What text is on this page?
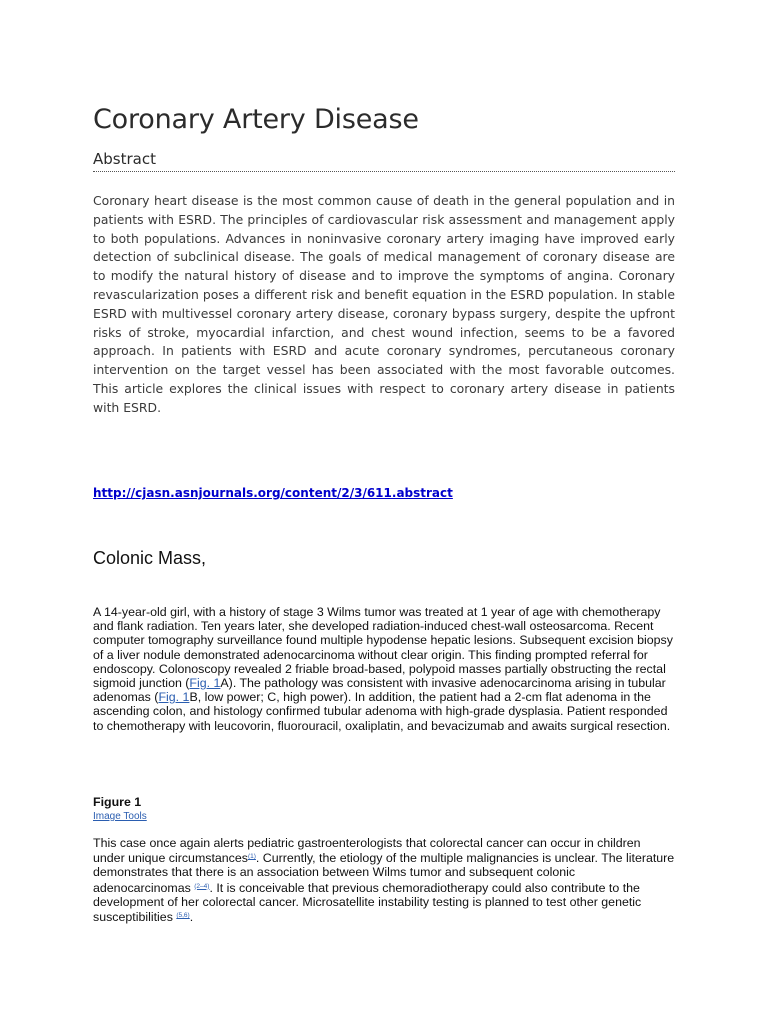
Coronary Artery Disease
Abstract

Coronary heart disease is the most common cause of death in the general population and in patients with ESRD. The principles of cardiovascular risk assessment and management apply to both populations. Advances in noninvasive coronary artery imaging have improved early detection of subclinical disease. The goals of medical management of coronary disease are to modify the natural history of disease and to improve the symptoms of angina. Coronary revascularization poses a different risk and benefit equation in the ESRD population. In stable ESRD with multivessel coronary artery disease, coronary bypass surgery, despite the upfront risks of stroke, myocardial infarction, and chest wound infection, seems to be a favored approach. In patients with ESRD and acute coronary syndromes, percutaneous coronary intervention on the target vessel has been associated with the most favorable outcomes. This article explores the clinical issues with respect to coronary artery disease in patients with ESRD.

http://cjasn.asnjournals.org/content/2/3/611.abstract
Colonic Mass,

A 14-year-old girl, with a history of stage 3 Wilms tumor was treated at 1 year of age with chemotherapy and flank radiation. Ten years later, she developed radiation-induced chest-wall osteosarcoma. Recent computer tomography surveillance found multiple hypodense hepatic lesions. Subsequent excision biopsy of a liver nodule demonstrated adenocarcinoma without clear origin. This finding prompted referral for endoscopy. Colonoscopy revealed 2 friable broad-based, polypoid masses partially obstructing the rectal sigmoid junction (Fig. 1A). The pathology was consistent with invasive adenocarcinoma arising in tubular adenomas (Fig. 1B, low power; C, high power). In addition, the patient had a 2-cm flat adenoma in the ascending colon, and histology confirmed tubular adenoma with high-grade dysplasia. Patient responded to chemotherapy with leucovorin, fluorouracil, oxaliplatin, and bevacizumab and awaits surgical resection.

Figure 1
Image Tools

This case once again alerts pediatric gastroenterologists that colorectal cancer can occur in children under unique circumstances$^{(1)}$. Currently, the etiology of the multiple malignancies is unclear. The literature demonstrates that there is an association between Wilms tumor and subsequent colonic adenocarcinomas $^{(2-4)}$. It is conceivable that previous chemoradiotherapy could also contribute to the development of her colorectal cancer. Microsatellite instability testing is planned to test other genetic susceptibilities $^{(5,6)}$.
